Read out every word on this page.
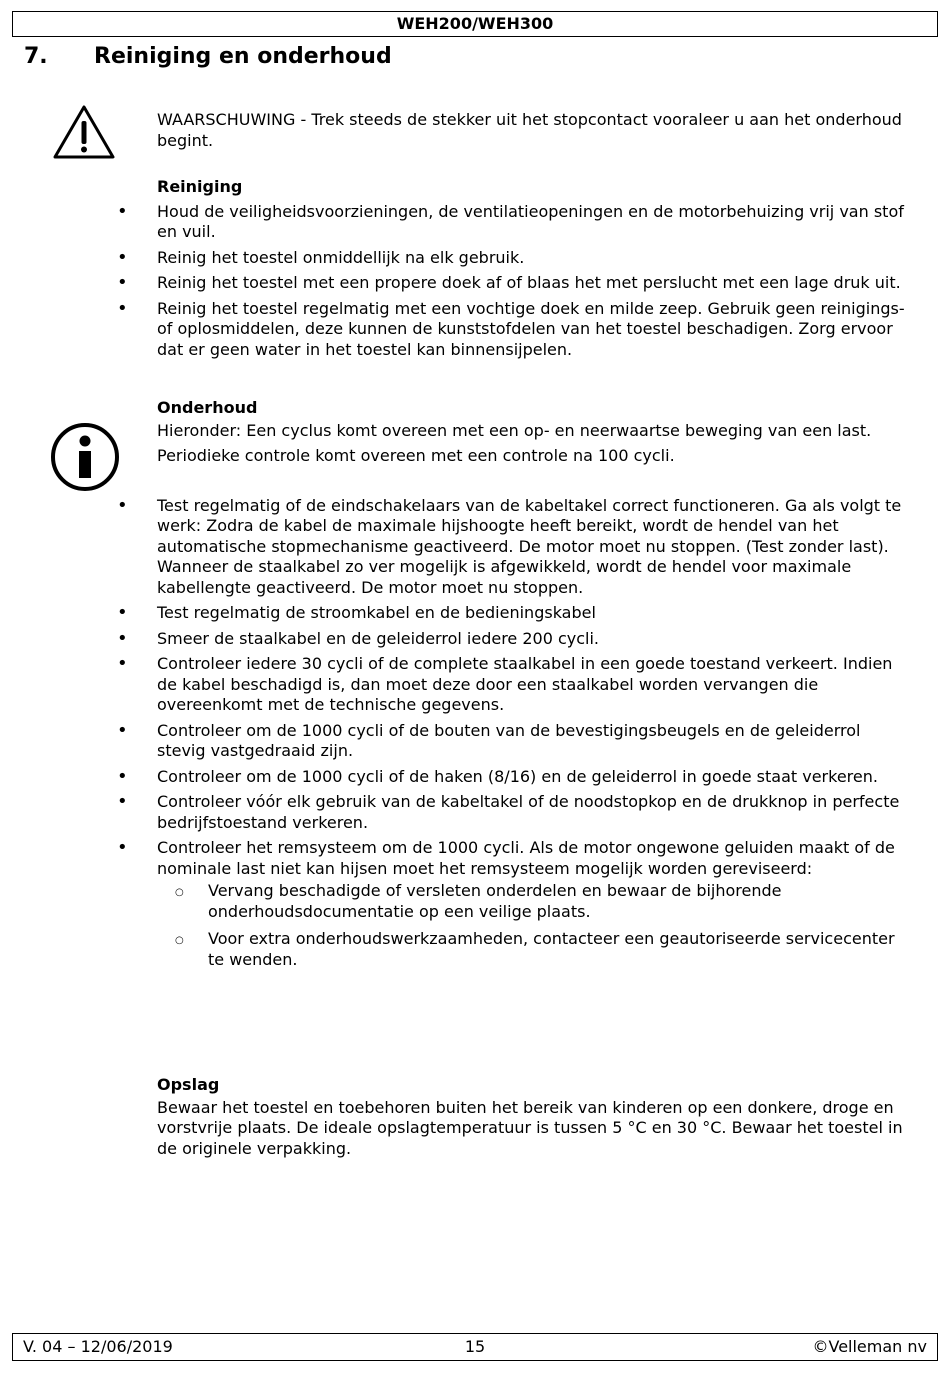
WEH200/WEH300
7. Reiniging en onderhoud

WAARSCHUWING - Trek steeds de stekker uit het stopcontact vooraleer u aan het onderhoud begint.

Reiniging

• Houd de veiligheidsvoorzieningen, de ventilatieopeningen en de motorbehuizing vrij van stof en vuil.
• Reinig het toestel onmiddellijk na elk gebruik.
• Reinig het toestel met een propere doek af of blaas het met perslucht met een lage druk uit.
• Reinig het toestel regelmatig met een vochtige doek en milde zeep. Gebruik geen reinigings- of oplosmiddelen, deze kunnen de kunststofdelen van het toestel beschadigen. Zorg ervoor dat er geen water in het toestel kan binnensijpelen.

Onderhoud

Hieronder: Een cyclus komt overeen met een op- en neerwaartse beweging van een last.

Periodieke controle komt overeen met een controle na 100 cycli.

• Test regelmatig of de eindschakelaars van de kabeltakel correct functioneren. Ga als volgt te werk: Zodra de kabel de maximale hijshoogte heeft bereikt, wordt de hendel van het automatische stopmechanisme geactiveerd. De motor moet nu stoppen. (Test zonder last). Wanneer de staalkabel zo ver mogelijk is afgewikkeld, wordt de hendel voor maximale kabellengte geactiveerd. De motor moet nu stoppen.
• Test regelmatig de stroomkabel en de bedieningskabel
• Smeer de staalkabel en de geleiderrol iedere 200 cycli.
• Controleer iedere 30 cycli of de complete staalkabel in een goede toestand verkeert. Indien de kabel beschadigd is, dan moet deze door een staalkabel worden vervangen die overeenkomt met de technische gegevens.
• Controleer om de 1000 cycli of de bouten van de bevestigingsbeugels en de geleiderrol stevig vastgedraaid zijn.
• Controleer om de 1000 cycli of de haken (8/16) en de geleiderrol in goede staat verkeren.
• Controleer vóór elk gebruik van de kabeltakel of de noodstopkop en de drukknop in perfecte bedrijfstoestand verkeren.
• Controleer het remsysteem om de 1000 cycli. Als de motor ongewone geluiden maakt of de nominale last niet kan hijsen moet het remsysteem mogelijk worden gereviseerd:
○ Vervang beschadigde of versleten onderdelen en bewaar de bijhorende onderhoudsdocumentatie op een veilige plaats.
○ Voor extra onderhoudswerkzaamheden, contacteer een geautoriseerde servicecenter te wenden.

Opslag

Bewaar het toestel en toebehoren buiten het bereik van kinderen op een donkere, droge en vorstvrije plaats. De ideale opslagtemperatuur is tussen 5 °C en 30 °C. Bewaar het toestel in de originele verpakking.

V. 04 – 12/06/2019	15	©Velleman nv
